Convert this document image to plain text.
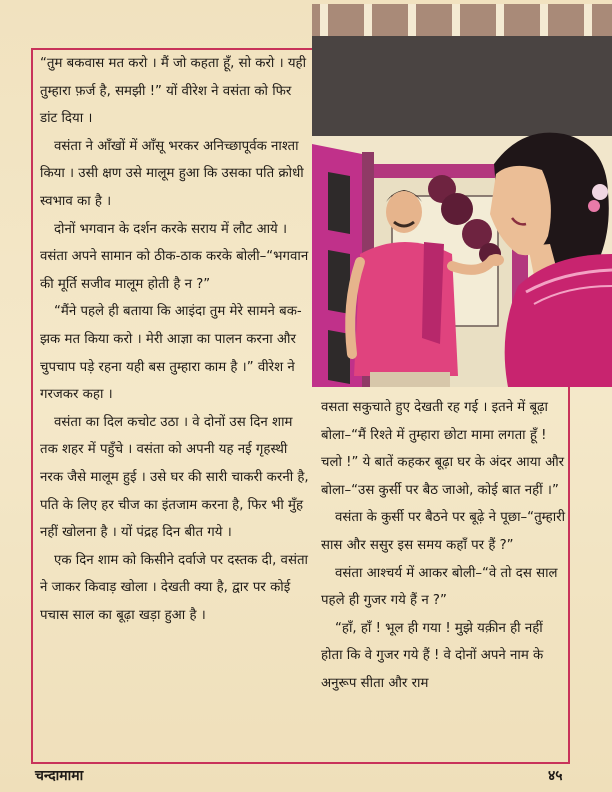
“तुम बकवास मत करो । मैं जो कहता हूँ, सो करो । यही तुम्हारा फ़र्ज है, समझी !” यों वीरेश ने वसंता को फिर डांट दिया ।

वसंता ने आँखों में आँसू भरकर अनिच्छापूर्वक नाश्ता किया । उसी क्षण उसे मालूम हुआ कि उसका पति क्रोधी स्वभाव का है ।

दोनों भगवान के दर्शन करके सराय में लौट आये । वसंता अपने सामान को ठीक-ठाक करके बोली–“भगवान की मूर्ति सजीव मालूम होती है न ?”

“मैंने पहले ही बताया कि आइंदा तुम मेरे सामने बक-झक मत किया करो । मेरी आज्ञा का पालन करना और चुपचाप पड़े रहना यही बस तुम्हारा काम है ।” वीरेश ने गरजकर कहा ।

वसंता का दिल कचोट उठा । वे दोनों उस दिन शाम तक शहर में पहुँचे । वसंता को अपनी यह नई गृहस्थी नरक जैसे मालूम हुई । उसे घर की सारी चाकरी करनी है, पति के लिए हर चीज का इंतजाम करना है, फिर भी मुँह नहीं खोलना है । यों पंद्रह दिन बीत गये ।

एक दिन शाम को किसीने दर्वाजे पर दस्तक दी, वसंता ने जाकर किवाड़ खोला । देखती क्या है, द्वार पर कोई पचास साल का बूढ़ा खड़ा हुआ है ।

वसता सकुचाते हुए देखती रह गई । इतने में बूढ़ा बोला–“मैं रिश्ते में तुम्हारा छोटा मामा लगता हूँ ! चलो !” ये बातें कहकर बूढ़ा घर के अंदर आया और बोला–“उस कुर्सी पर बैठ जाओ, कोई बात नहीं ।”

वसंता के कुर्सी पर बैठने पर बूढ़े ने पूछा–“तुम्हारी सास और ससुर इस समय कहाँ पर हैं ?”

वसंता आश्चर्य में आकर बोली–“वे तो दस साल पहले ही गुजर गये हैं न ?”

“हाँ, हाँ ! भूल ही गया ! मुझे यक़ीन ही नहीं होता कि वे गुजर गये हैं ! वे दोनों अपने नाम के अनुरूप सीता और राम

चन्दामामा	४५
